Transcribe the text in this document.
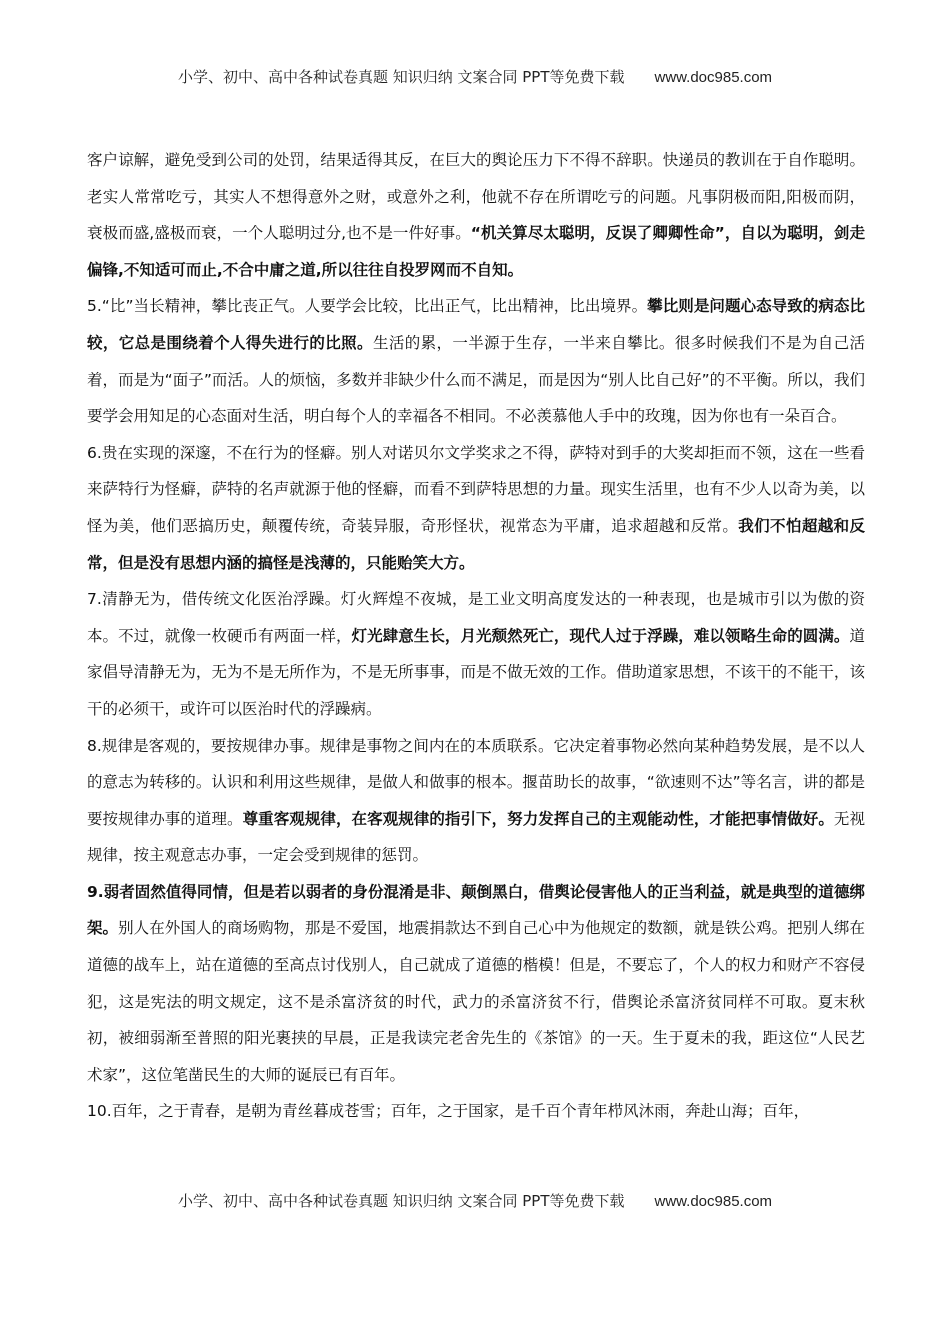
小学、初中、高中各种试卷真题 知识归纳 文案合同 PPT等免费下载 www.doc985.com

客户谅解，避免受到公司的处罚，结果适得其反，在巨大的舆论压力下不得不辞职。快递员的教训在于自作聪明。老实人常常吃亏，其实人不想得意外之财，或意外之利，他就不存在所谓吃亏的问题。凡事阴极而阳,阳极而阴，衰极而盛,盛极而衰，一个人聪明过分,也不是一件好事。“机关算尽太聪明，反误了卿卿性命”，自以为聪明，剑走偏锋,不知适可而止,不合中庸之道,所以往往自投罗网而不自知。

5.“比”当长精神，攀比丧正气。人要学会比较，比出正气，比出精神，比出境界。攀比则是问题心态导致的病态比较，它总是围绕着个人得失进行的比照。生活的累，一半源于生存，一半来自攀比。很多时候我们不是为自己活着，而是为“面子”而活。人的烦恼，多数并非缺少什么而不满足，而是因为“别人比自己好”的不平衡。所以，我们要学会用知足的心态面对生活，明白每个人的幸福各不相同。不必羡慕他人手中的玫瑰，因为你也有一朵百合。

6.贵在实现的深邃，不在行为的怪癖。别人对诺贝尔文学奖求之不得，萨特对到手的大奖却拒而不领，这在一些看来萨特行为怪癖，萨特的名声就源于他的怪癖，而看不到萨特思想的力量。现实生活里，也有不少人以奇为美，以怪为美，他们恶搞历史，颠覆传统，奇装异服，奇形怪状，视常态为平庸，追求超越和反常。我们不怕超越和反常，但是没有思想内涵的搞怪是浅薄的，只能贻笑大方。

7.清静无为，借传统文化医治浮躁。灯火辉煌不夜城，是工业文明高度发达的一种表现，也是城市引以为傲的资本。不过，就像一枚硬币有两面一样，灯光肆意生长，月光颓然死亡，现代人过于浮躁，难以领略生命的圆满。道家倡导清静无为，无为不是无所作为，不是无所事事，而是不做无效的工作。借助道家思想，不该干的不能干，该干的必须干，或许可以医治时代的浮躁病。

8.规律是客观的，要按规律办事。规律是事物之间内在的本质联系。它决定着事物必然向某种趋势发展，是不以人的意志为转移的。认识和利用这些规律，是做人和做事的根本。揠苗助长的故事，“欲速则不达”等名言，讲的都是要按规律办事的道理。尊重客观规律，在客观规律的指引下，努力发挥自己的主观能动性，才能把事情做好。无视规律，按主观意志办事，一定会受到规律的惩罚。

9.弱者固然值得同情，但是若以弱者的身份混淆是非、颠倒黑白，借舆论侵害他人的正当利益，就是典型的道德绑架。别人在外国人的商场购物，那是不爱国，地震捐款达不到自己心中为他规定的数额，就是铁公鸡。把别人绑在道德的战车上，站在道德的至高点讨伐别人，自己就成了道德的楷模！但是，不要忘了，个人的权力和财产不容侵犯，这是宪法的明文规定，这不是杀富济贫的时代，武力的杀富济贫不行，借舆论杀富济贫同样不可取。夏末秋初，被细弱渐至普照的阳光裹挟的早晨，正是我读完老舍先生的《茶馆》的一天。生于夏未的我，距这位“人民艺术家”，这位笔凿民生的大师的诞辰已有百年。

10.百年，之于青春，是朝为青丝暮成苍雪；百年，之于国家，是千百个青年栉风沐雨，奔赴山海；百年，

小学、初中、高中各种试卷真题 知识归纳 文案合同 PPT等免费下载 www.doc985.com
